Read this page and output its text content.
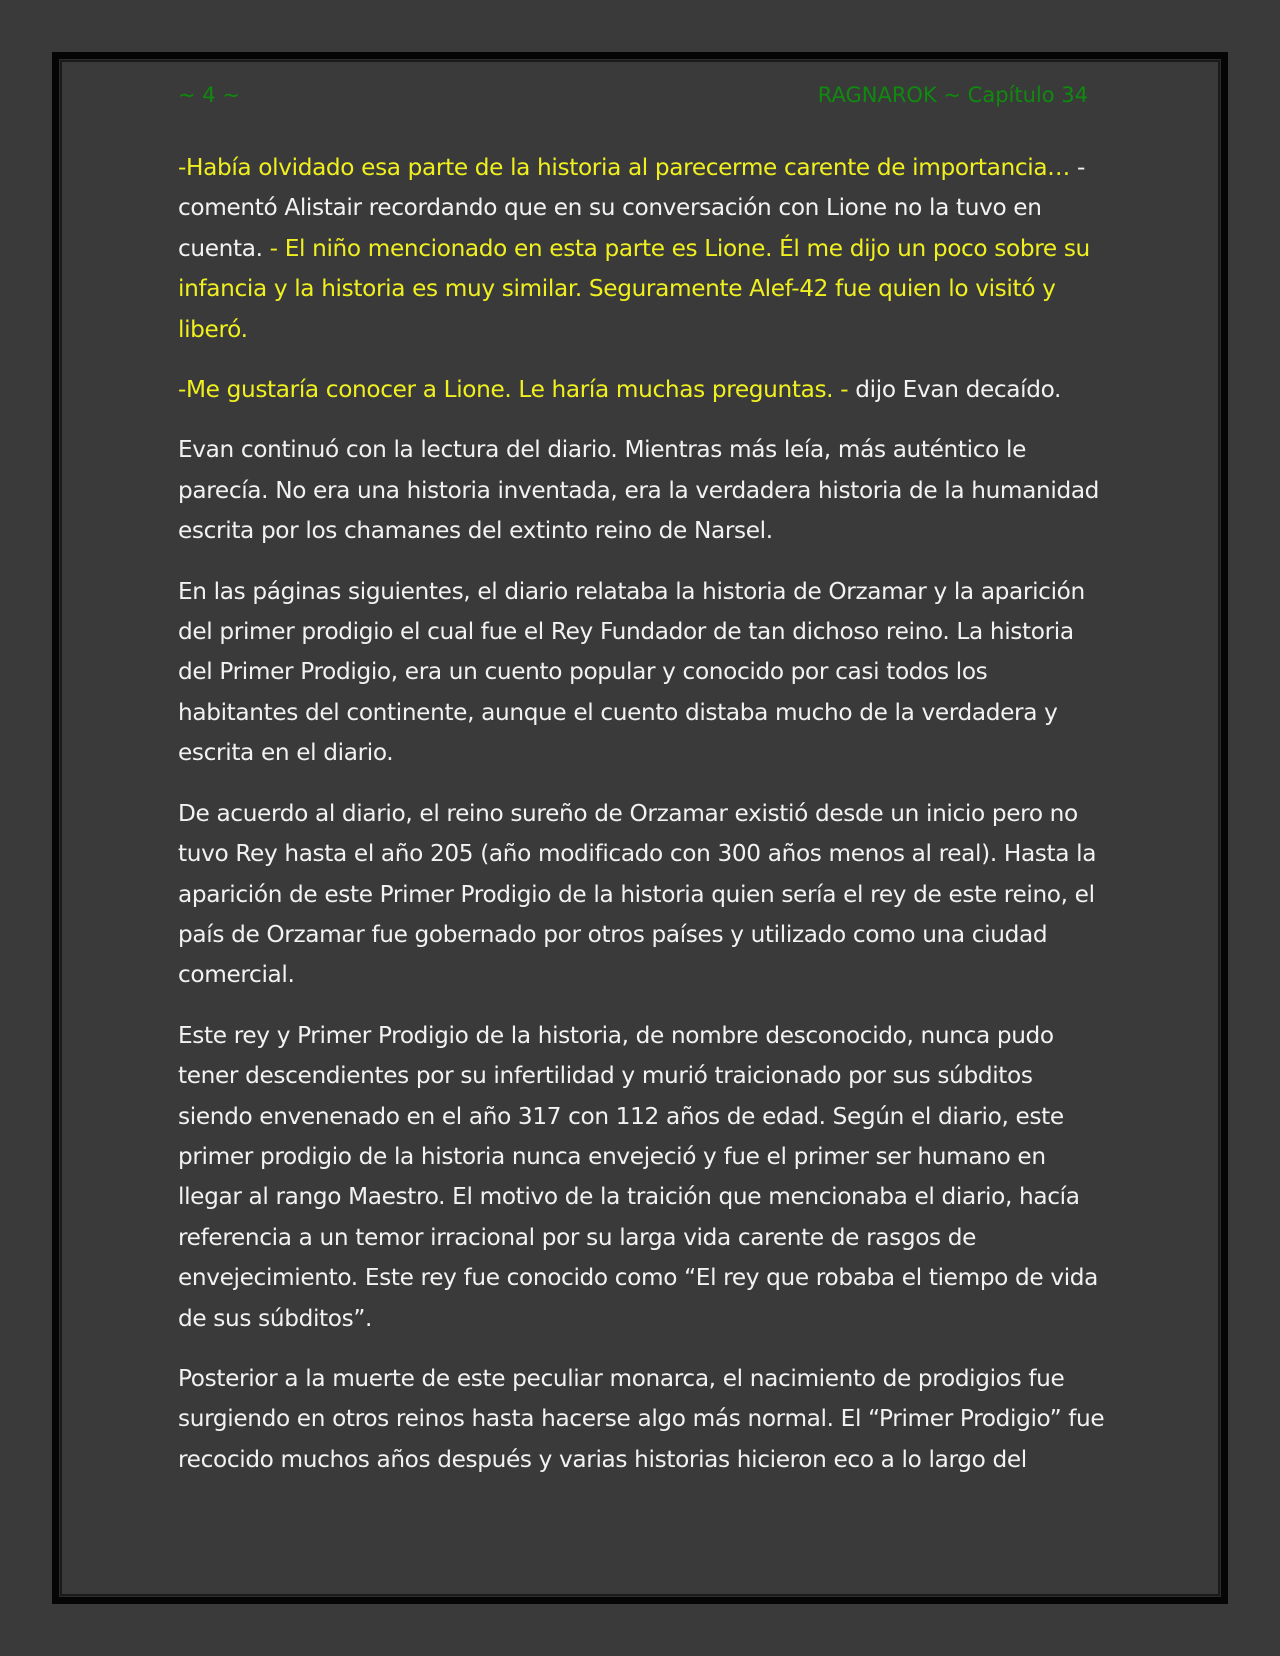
~ 4 ~	RAGNAROK ~ Capítulo 34

-Había olvidado esa parte de la historia al parecerme carente de importancia… - comentó Alistair recordando que en su conversación con Lione no la tuvo en cuenta. - El niño mencionado en esta parte es Lione. Él me dijo un poco sobre su infancia y la historia es muy similar. Seguramente Alef-42 fue quien lo visitó y liberó.

-Me gustaría conocer a Lione. Le haría muchas preguntas. - dijo Evan decaído.

Evan continuó con la lectura del diario. Mientras más leía, más auténtico le parecía. No era una historia inventada, era la verdadera historia de la humanidad escrita por los chamanes del extinto reino de Narsel.

En las páginas siguientes, el diario relataba la historia de Orzamar y la aparición del primer prodigio el cual fue el Rey Fundador de tan dichoso reino. La historia del Primer Prodigio, era un cuento popular y conocido por casi todos los habitantes del continente, aunque el cuento distaba mucho de la verdadera y escrita en el diario.

De acuerdo al diario, el reino sureño de Orzamar existió desde un inicio pero no tuvo Rey hasta el año 205 (año modificado con 300 años menos al real). Hasta la aparición de este Primer Prodigio de la historia quien sería el rey de este reino, el país de Orzamar fue gobernado por otros países y utilizado como una ciudad comercial.

Este rey y Primer Prodigio de la historia, de nombre desconocido, nunca pudo tener descendientes por su infertilidad y murió traicionado por sus súbditos siendo envenenado en el año 317 con 112 años de edad. Según el diario, este primer prodigio de la historia nunca envejeció y fue el primer ser humano en llegar al rango Maestro. El motivo de la traición que mencionaba el diario, hacía referencia a un temor irracional por su larga vida carente de rasgos de envejecimiento. Este rey fue conocido como “El rey que robaba el tiempo de vida de sus súbditos”.

Posterior a la muerte de este peculiar monarca, el nacimiento de prodigios fue surgiendo en otros reinos hasta hacerse algo más normal. El “Primer Prodigio” fue recocido muchos años después y varias historias hicieron eco a lo largo del
